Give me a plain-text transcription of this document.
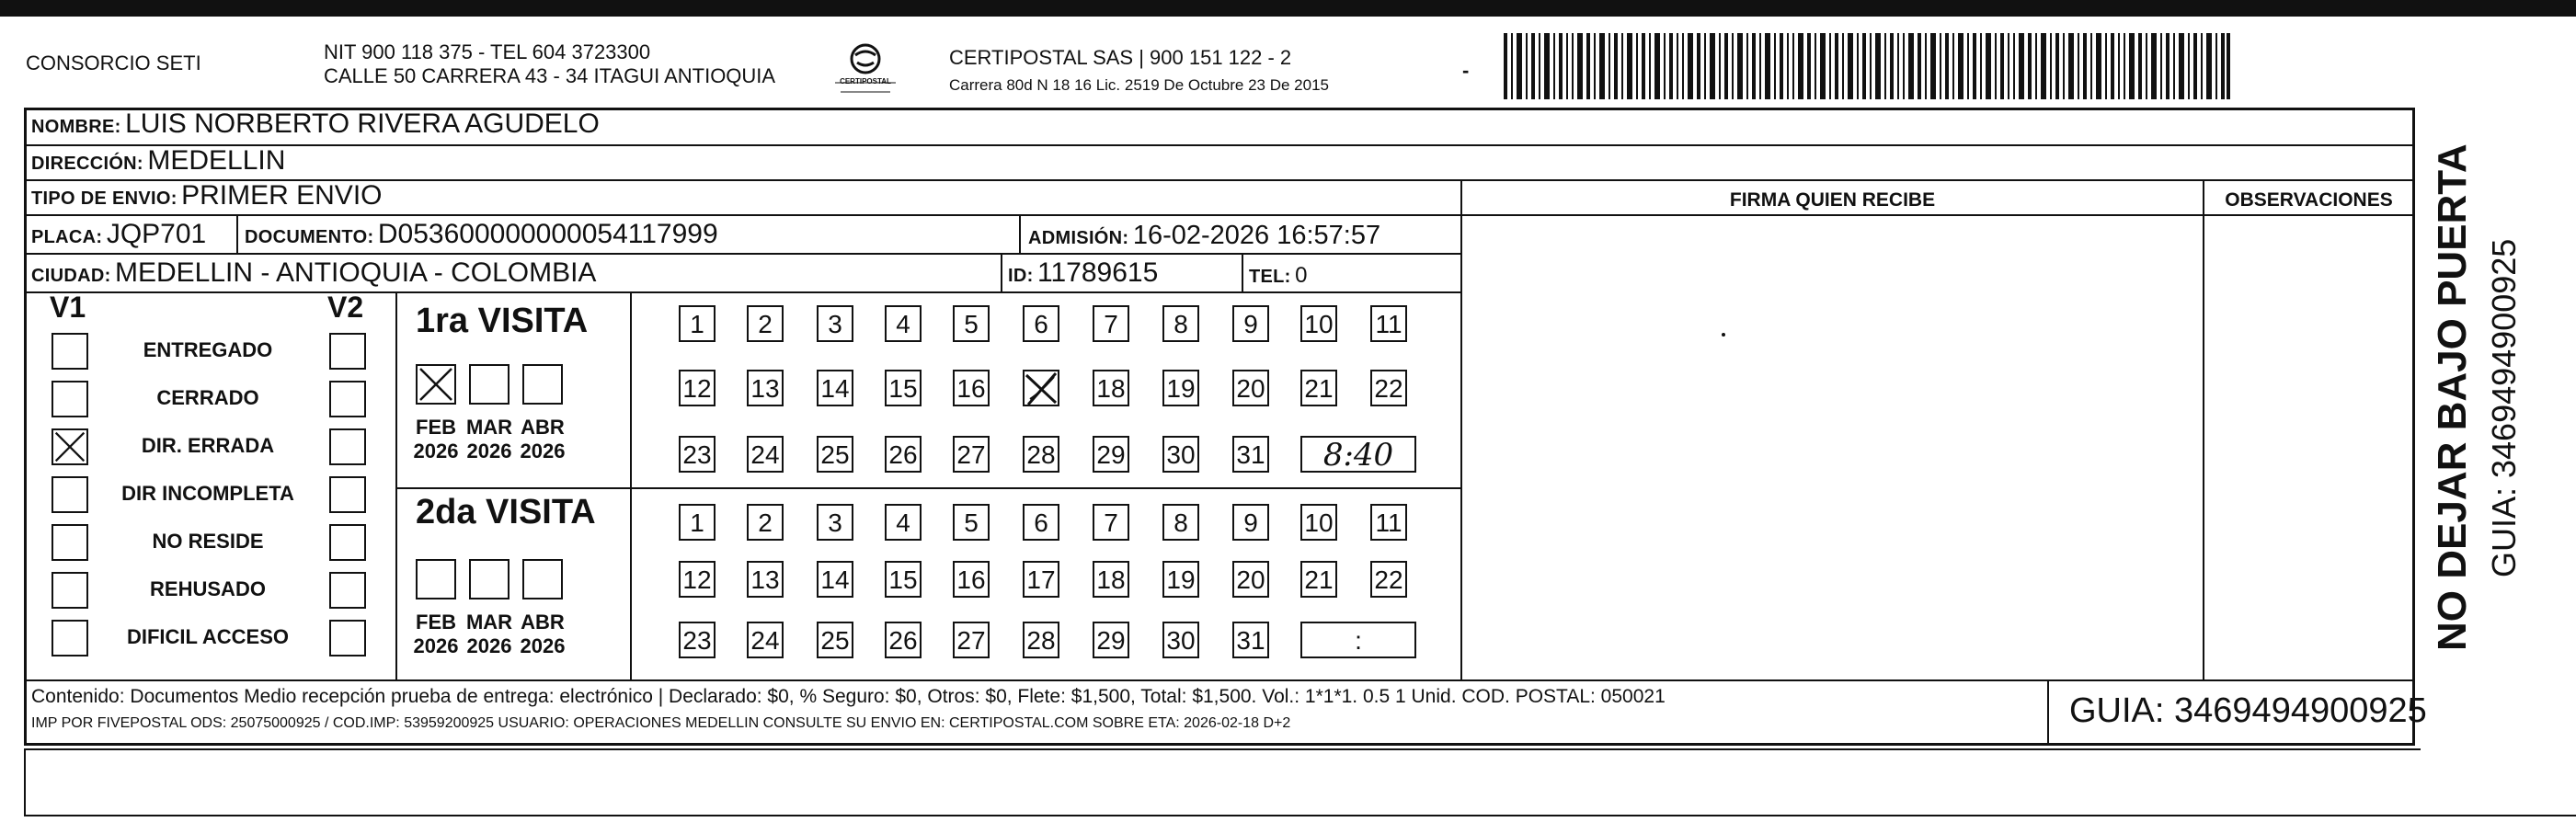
CONSORCIO SETI	NIT 900 118 375 - TEL 604 3723300
CALLE 50 CARRERA 43 - 34 ITAGUI ANTIOQUIA	CERTIPOSTAL
CERTIPOSTAL SAS | 900 151 122 - 2
Carrera 80d N 18 16 Lic. 2519 De Octubre 23 De 2015
-
NOMBRE: LUIS NORBERTO RIVERA AGUDELO
DIRECCIÓN: MEDELLIN
TIPO DE ENVIO: PRIMER ENVIO	FIRMA QUIEN RECIBE	OBSERVACIONES
PLACA: JQP701 DOCUMENTO: D053600000000054117999	ADMISIÓN: 16-02-2026 16:57:57
CIUDAD: MEDELLIN - ANTIOQUIA - COLOMBIA	ID: 11789615	TEL: 0
V1	V2
ENTREGADO
CERRADO
DIR. ERRADA
DIR INCOMPLETA
NO RESIDE
REHUSADO
DIFICIL ACCESO
1ra VISITA
FEB
2026
MAR
2026
ABR
2026
1	2	3	4	5	6	7	8	9	10 11
12 13 14 15 16	18 19 20 21 22
23 24 25 26 27 28 29 30 31	8:40
2da VISITA
FEB
2026
MAR
2026
ABR
2026
1	2	3	4	5	6	7	8	9	10 11
12 13 14 15 16 17 18 19 20 21 22
23 24 25 26 27 28 29 30 31	:
Contenido: Documentos Medio recepción prueba de entrega: electrónico | Declarado: $0, % Seguro: $0, Otros: $0, Flete: $1,500, Total: $1,500. Vol.: 1*1*1. 0.5 1 Unid. COD. POSTAL: 050021
IMP POR FIVEPOSTAL ODS: 25075000925 / COD.IMP: 53959200925 USUARIO: OPERACIONES MEDELLIN CONSULTE SU ENVIO EN: CERTIPOSTAL.COM SOBRE ETA: 2026-02-18 D+2	GUIA: 3469494900925
NO DEJAR BAJO PUERTA GUIA: 3469494900925
